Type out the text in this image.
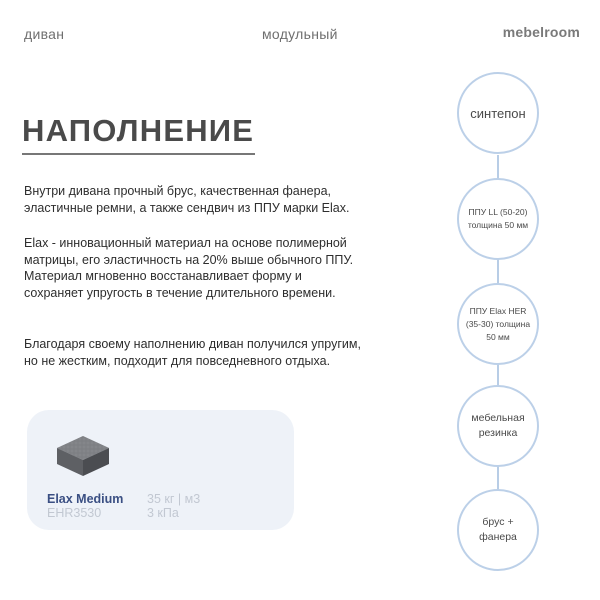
диван	модульный	mebelroom
НАПОЛНЕНИЕ

Внутри дивана прочный брус, качественная фанера, эластичные ремни, а также сендвич из ППУ марки Elax.

Elax - инновационный материал на основе полимерной матрицы, его эластичность на 20% выше обычного ППУ. Материал мгновенно восстанавливает форму и сохраняет упругость в течение длительного времени.

Благодаря своему наполнению диван получился упругим, но не жестким, подходит для повседневного отдыха.

Elax Medium
EHR3530
35 кг | м3
3 кПа
синтепон
ППУ LL (50-20) толщина 50 мм
ППУ Elax HER (35-30) толщина 50 мм
мебельная резинка
брус + фанера
